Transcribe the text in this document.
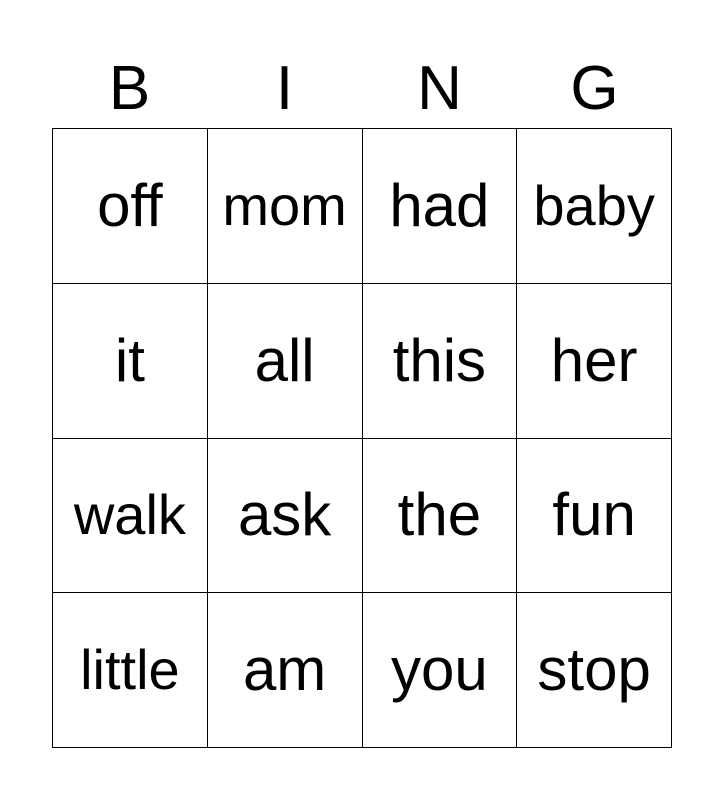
B	I	N	G
off mom had baby
it all this her
walk ask the fun
little am you stop
